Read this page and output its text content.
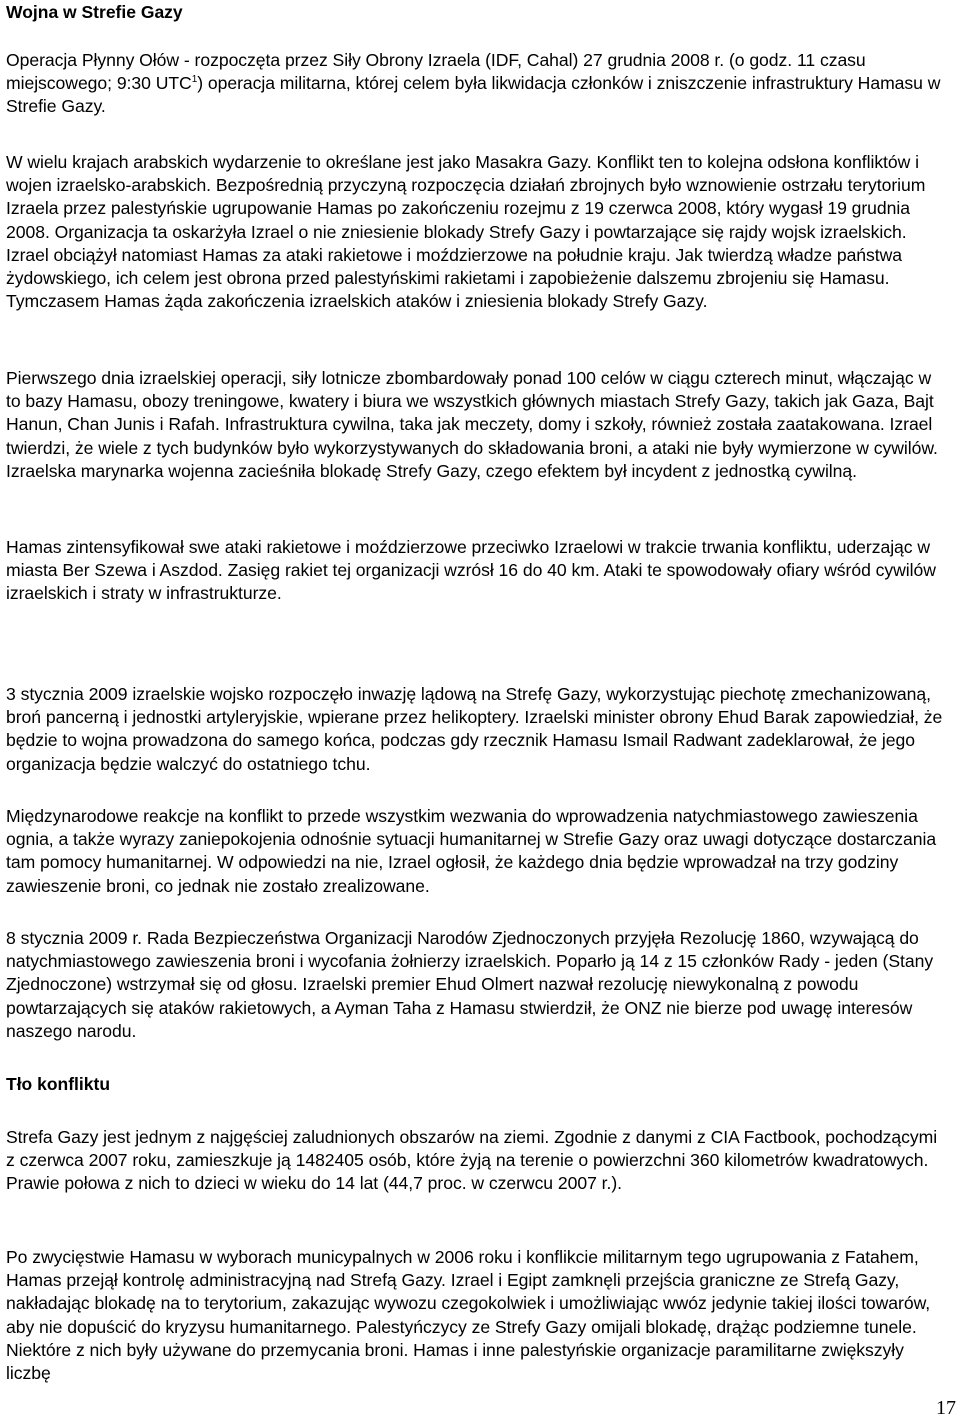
Wojna w Strefie Gazy

Operacja Płynny Ołów - rozpoczęta przez Siły Obrony Izraela (IDF, Cahal) 27 grudnia 2008 r. (o godz. 11 czasu miejscowego; 9:30 UTC$^1$) operacja militarna, której celem była likwidacja członków i zniszczenie infrastruktury Hamasu w Strefie Gazy.

W wielu krajach arabskich wydarzenie to określane jest jako Masakra Gazy. Konflikt ten to kolejna odsłona konfliktów i wojen izraelsko-arabskich. Bezpośrednią przyczyną rozpoczęcia działań zbrojnych było wznowienie ostrzału terytorium Izraela przez palestyńskie ugrupowanie Hamas po zakończeniu rozejmu z 19 czerwca 2008, który wygasł 19 grudnia 2008. Organizacja ta oskarżyła Izrael o nie zniesienie blokady Strefy Gazy i powtarzające się rajdy wojsk izraelskich. Izrael obciążył natomiast Hamas za ataki rakietowe i moździerzowe na południe kraju. Jak twierdzą władze państwa żydowskiego, ich celem jest obrona przed palestyńskimi rakietami i zapobieżenie dalszemu zbrojeniu się Hamasu. Tymczasem Hamas żąda zakończenia izraelskich ataków i zniesienia blokady Strefy Gazy.

Pierwszego dnia izraelskiej operacji, siły lotnicze zbombardowały ponad 100 celów w ciągu czterech minut, włączając w to bazy Hamasu, obozy treningowe, kwatery i biura we wszystkich głównych miastach Strefy Gazy, takich jak Gaza, Bajt Hanun, Chan Junis i Rafah. Infrastruktura cywilna, taka jak meczety, domy i szkoły, również została zaatakowana. Izrael twierdzi, że wiele z tych budynków było wykorzystywanych do składowania broni, a ataki nie były wymierzone w cywilów. Izraelska marynarka wojenna zacieśniła blokadę Strefy Gazy, czego efektem był incydent z jednostką cywilną.

Hamas zintensyfikował swe ataki rakietowe i moździerzowe przeciwko Izraelowi w trakcie trwania konfliktu, uderzając w miasta Ber Szewa i Aszdod. Zasięg rakiet tej organizacji wzrósł 16 do 40 km. Ataki te spowodowały ofiary wśród cywilów izraelskich i straty w infrastrukturze.

3 stycznia 2009 izraelskie wojsko rozpoczęło inwazję lądową na Strefę Gazy, wykorzystując piechotę zmechanizowaną, broń pancerną i jednostki artyleryjskie, wpierane przez helikoptery. Izraelski minister obrony Ehud Barak zapowiedział, że będzie to wojna prowadzona do samego końca, podczas gdy rzecznik Hamasu Ismail Radwant zadeklarował, że jego organizacja będzie walczyć do ostatniego tchu.

Międzynarodowe reakcje na konflikt to przede wszystkim wezwania do wprowadzenia natychmiastowego zawieszenia ognia, a także wyrazy zaniepokojenia odnośnie sytuacji humanitarnej w Strefie Gazy oraz uwagi dotyczące dostarczania tam pomocy humanitarnej. W odpowiedzi na nie, Izrael ogłosił, że każdego dnia będzie wprowadzał na trzy godziny zawieszenie broni, co jednak nie zostało zrealizowane.

8 stycznia 2009 r. Rada Bezpieczeństwa Organizacji Narodów Zjednoczonych przyjęła Rezolucję 1860, wzywającą do natychmiastowego zawieszenia broni i wycofania żołnierzy izraelskich. Poparło ją 14 z 15 członków Rady - jeden (Stany Zjednoczone) wstrzymał się od głosu. Izraelski premier Ehud Olmert nazwał rezolucję niewykonalną z powodu powtarzających się ataków rakietowych, a Ayman Taha z Hamasu stwierdził, że ONZ nie bierze pod uwagę interesów naszego narodu.

Tło konfliktu

Strefa Gazy jest jednym z najgęściej zaludnionych obszarów na ziemi. Zgodnie z danymi z CIA Factbook, pochodzącymi z czerwca 2007 roku, zamieszkuje ją 1482405 osób, które żyją na terenie o powierzchni 360 kilometrów kwadratowych. Prawie połowa z nich to dzieci w wieku do 14 lat (44,7 proc. w czerwcu 2007 r.).

Po zwycięstwie Hamasu w wyborach municypalnych w 2006 roku i konflikcie militarnym tego ugrupowania z Fatahem, Hamas przejął kontrolę administracyjną nad Strefą Gazy. Izrael i Egipt zamknęli przejścia graniczne ze Strefą Gazy, nakładając blokadę na to terytorium, zakazując wywozu czegokolwiek i umożliwiając wwóz jedynie takiej ilości towarów, aby nie dopuścić do kryzysu humanitarnego. Palestyńczycy ze Strefy Gazy omijali blokadę, drążąc podziemne tunele. Niektóre z nich były używane do przemycania broni. Hamas i inne palestyńskie organizacje paramilitarne zwiększyły liczbę

17
